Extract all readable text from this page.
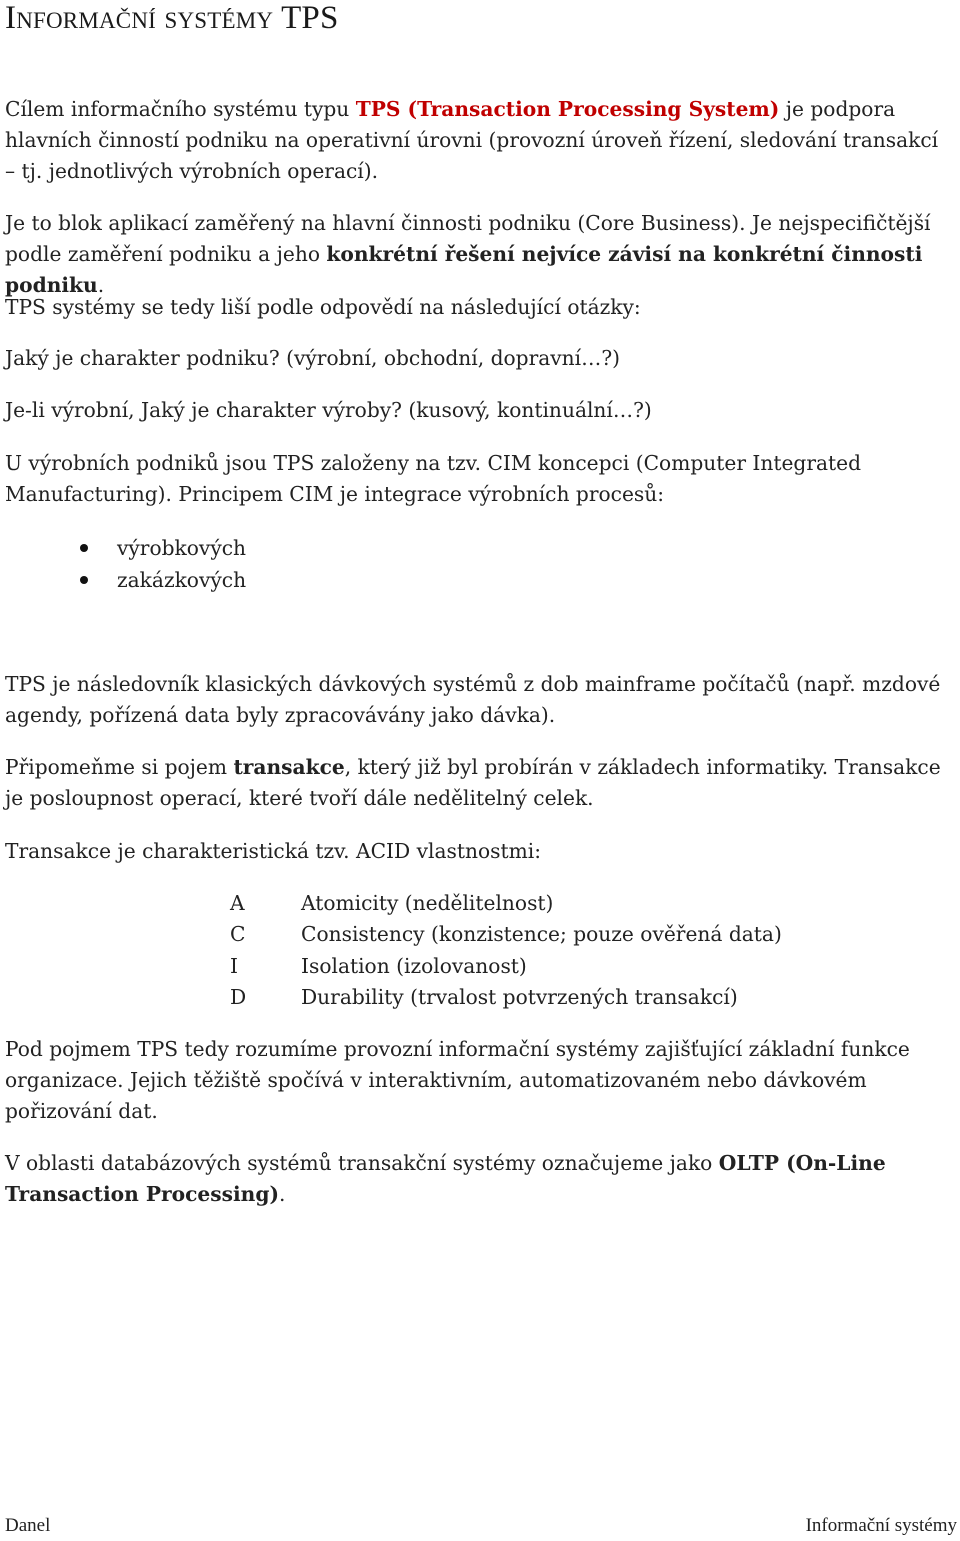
Informační systémy TPS

Cílem informačního systému typu TPS (Transaction Processing System) je podpora hlavních činností podniku na operativní úrovni (provozní úroveň řízení, sledování transakcí – tj. jednotlivých výrobních operací).

Je to blok aplikací zaměřený na hlavní činnosti podniku (Core Business). Je nejspecifičtější podle zaměření podniku a jeho konkrétní řešení nejvíce závisí na konkrétní činnosti podniku.

TPS systémy se tedy liší podle odpovědí na následující otázky:

Jaký je charakter podniku? (výrobní, obchodní, dopravní…?)

Je-li výrobní, Jaký je charakter výroby? (kusový, kontinuální…?)

U výrobních podniků jsou TPS založeny na tzv. CIM koncepci (Computer Integrated Manufacturing). Principem CIM je integrace výrobních procesů:

výrobkových
zakázkových

TPS je následovník klasických dávkových systémů z dob mainframe počítačů (např. mzdové agendy, pořízená data byly zpracovávány jako dávka).

Připomeňme si pojem transakce, který již byl probírán v základech informatiky. Transakce je posloupnost operací, které tvoří dále nedělitelný celek.

Transakce je charakteristická tzv. ACID vlastnostmi:

A	Atomicity (nedělitelnost)
C	Consistency (konzistence; pouze ověřená data)
I	Isolation (izolovanost)
D	Durability (trvalost potvrzených transakcí)

Pod pojmem TPS tedy rozumíme provozní informační systémy zajišťující základní funkce organizace. Jejich těžiště spočívá v interaktivním, automatizovaném nebo dávkovém pořizování dat.

V oblasti databázových systémů transakční systémy označujeme jako OLTP (On-Line Transaction Processing).

Danel	Informační systémy
